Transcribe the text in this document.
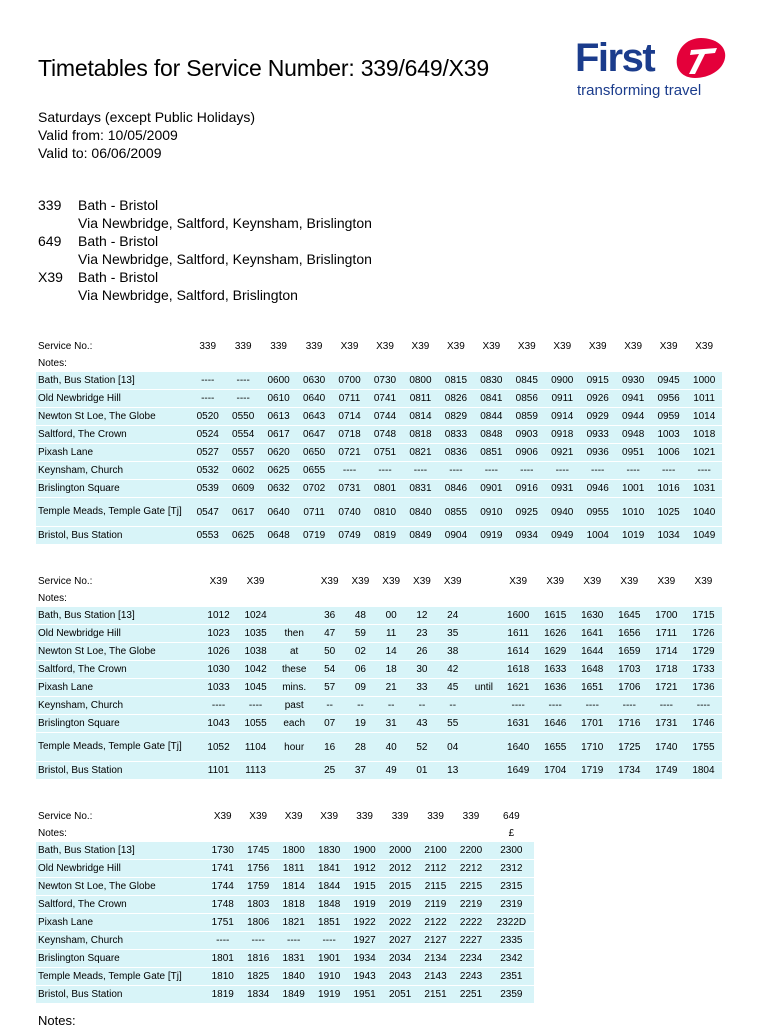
Timetables for Service Number: 339/649/X39 First
transforming travel
Saturdays (except Public Holidays)
Valid from: 10/05/2009
Valid to: 06/06/2009
339	Bath - Bristol
Via Newbridge, Saltford, Keynsham, Brislington
649	Bath - Bristol
Via Newbridge, Saltford, Keynsham, Brislington
X39	Bath - Bristol
Via Newbridge, Saltford, Brislington
Service No.:	339	339	339	339	X39	X39	X39	X39	X39	X39	X39	X39	X39	X39	X39
Notes:															
Bath, Bus Station [13]	----	----	0600	0630	0700	0730	0800	0815	0830	0845	0900	0915	0930	0945	1000
Old Newbridge Hill	----	----	0610	0640	0711	0741	0811	0826	0841	0856	0911	0926	0941	0956	1011
Newton St Loe, The Globe	0520	0550	0613	0643	0714	0744	0814	0829	0844	0859	0914	0929	0944	0959	1014
Saltford, The Crown	0524	0554	0617	0647	0718	0748	0818	0833	0848	0903	0918	0933	0948	1003	1018
Pixash Lane	0527	0557	0620	0650	0721	0751	0821	0836	0851	0906	0921	0936	0951	1006	1021
Keynsham, Church	0532	0602	0625	0655	----	----	----	----	----	----	----	----	----	----	----
Brislington Square	0539	0609	0632	0702	0731	0801	0831	0846	0901	0916	0931	0946	1001	1016	1031
Temple Meads, Temple Gate [Tj]	0547	0617	0640	0711	0740	0810	0840	0855	0910	0925	0940	0955	1010	1025	1040
Bristol, Bus Station	0553	0625	0648	0719	0749	0819	0849	0904	0919	0934	0949	1004	1019	1034	1049
Service No.:	X39	X39		X39	X39	X39	X39	X39		X39	X39	X39	X39	X39	X39
Notes:															
Bath, Bus Station [13]	1012	1024		36	48	00	12	24		1600	1615	1630	1645	1700	1715
Old Newbridge Hill	1023	1035	then	47	59	11	23	35		1611	1626	1641	1656	1711	1726
Newton St Loe, The Globe	1026	1038	at	50	02	14	26	38		1614	1629	1644	1659	1714	1729
Saltford, The Crown	1030	1042	these	54	06	18	30	42		1618	1633	1648	1703	1718	1733
Pixash Lane	1033	1045	mins.	57	09	21	33	45	until	1621	1636	1651	1706	1721	1736
Keynsham, Church	----	----	past	--	--	--	--	--		----	----	----	----	----	----
Brislington Square	1043	1055	each	07	19	31	43	55		1631	1646	1701	1716	1731	1746
Temple Meads, Temple Gate [Tj]	1052	1104	hour	16	28	40	52	04		1640	1655	1710	1725	1740	1755
Bristol, Bus Station	1101	1113		25	37	49	01	13		1649	1704	1719	1734	1749	1804
Service No.:	X39	X39	X39	X39	339	339	339	339	649
Notes:									£
Bath, Bus Station [13]	1730	1745	1800	1830	1900	2000	2100	2200	2300
Old Newbridge Hill	1741	1756	1811	1841	1912	2012	2112	2212	2312
Newton St Loe, The Globe	1744	1759	1814	1844	1915	2015	2115	2215	2315
Saltford, The Crown	1748	1803	1818	1848	1919	2019	2119	2219	2319
Pixash Lane	1751	1806	1821	1851	1922	2022	2122	2222	2322D
Keynsham, Church	----	----	----	----	1927	2027	2127	2227	2335
Brislington Square	1801	1816	1831	1901	1934	2034	2134	2234	2342
Temple Meads, Temple Gate [Tj]	1810	1825	1840	1910	1943	2043	2143	2243	2351
Bristol, Bus Station	1819	1834	1849	1919	1951	2051	2151	2251	2359
Notes:
